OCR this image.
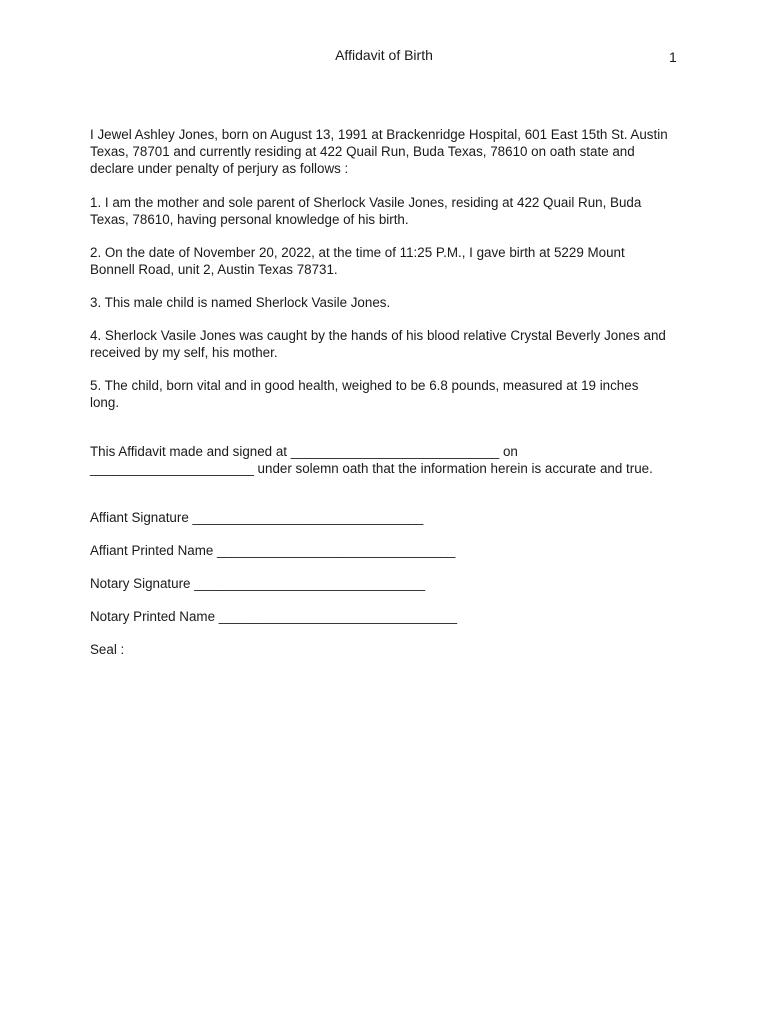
Affidavit of Birth	1

I Jewel Ashley Jones, born on August 13, 1991 at Brackenridge Hospital, 601 East 15th St. Austin Texas, 78701 and currently residing at 422 Quail Run, Buda Texas, 78610 on oath state and declare under penalty of perjury as follows :

1. I am the mother and sole parent of Sherlock Vasile Jones, residing at 422 Quail Run, Buda Texas, 78610, having personal knowledge of his birth.

2. On the date of November 20, 2022, at the time of 11:25 P.M., I gave birth at 5229 Mount Bonnell Road, unit 2, Austin Texas 78731.

3. This male child is named Sherlock Vasile Jones.

4. Sherlock Vasile Jones was caught by the hands of his blood relative Crystal Beverly Jones and received by my self, his mother.

5. The child, born vital and in good health, weighed to be 6.8 pounds, measured at 19 inches long.

This Affidavit made and signed at ____________________________ on ______________________ under solemn oath that the information herein is accurate and true.

Affiant Signature _______________________________

Affiant Printed Name ________________________________

Notary Signature _______________________________

Notary Printed Name ________________________________

Seal :
